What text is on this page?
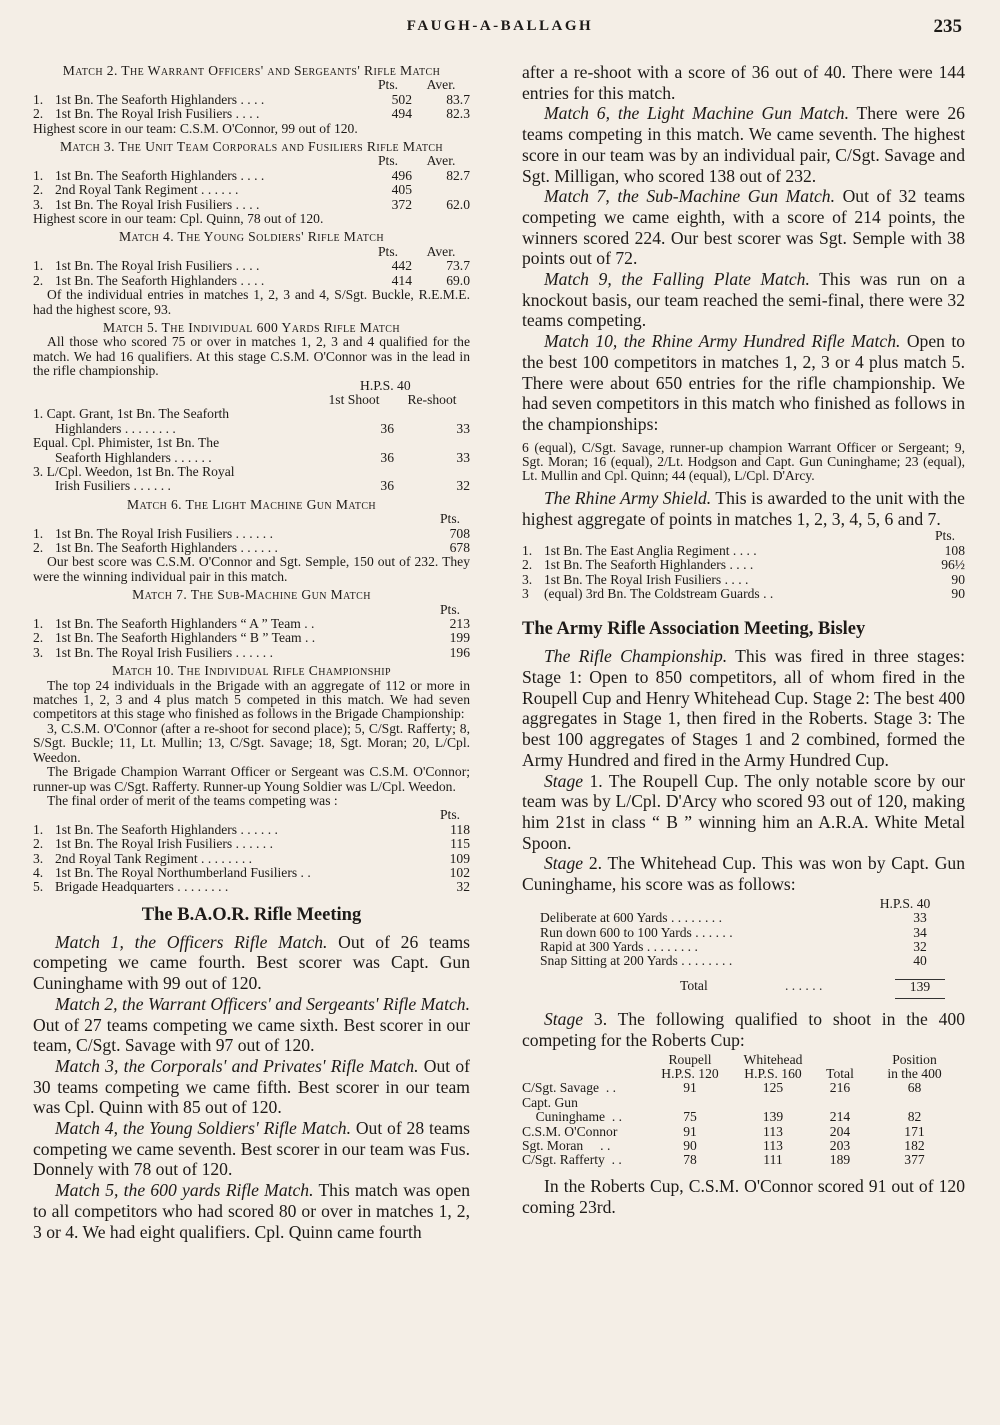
FAUGH-A-BALLAGH	235
Match 2. The Warrant Officers' and Sergeants' Rifle Match
Pts.	Aver.
1. 1st Bn. The Seaforth Highlanders . . . .	502	83.7
2. 1st Bn. The Royal Irish Fusiliers . . . .	494	82.3
Highest score in our team: C.S.M. O'Connor, 99 out of 120.
Match 3. The Unit Team Corporals and Fusiliers Rifle Match
Pts.	Aver.
1. 1st Bn. The Seaforth Highlanders . . . .	496	82.7
2. 2nd Royal Tank Regiment . . . . . .	405
3. 1st Bn. The Royal Irish Fusiliers . . . .	372	62.0
Highest score in our team: Cpl. Quinn, 78 out of 120.
Match 4. The Young Soldiers' Rifle Match
Pts.	Aver.
1. 1st Bn. The Royal Irish Fusiliers . . . .	442	73.7
2. 1st Bn. The Seaforth Highlanders . . . .	414	69.0

Of the individual entries in matches 1, 2, 3 and 4, S/Sgt. Buckle, R.E.M.E. had the highest score, 93.

Match 5. The Individual 600 Yards Rifle Match

All those who scored 75 or over in matches 1, 2, 3 and 4 qualified for the match. We had 16 qualifiers. At this stage C.S.M. O'Connor was in the lead in the rifle championship.

H.P.S. 40
1st Shoot	Re-shoot
1. Capt. Grant, 1st Bn. The Seaforth
Highlanders . . . . . . . .	36	33
Equal. Cpl. Phimister, 1st Bn. The
Seaforth Highlanders . . . . . .	36	33
3. L/Cpl. Weedon, 1st Bn. The Royal
Irish Fusiliers . . . . . .	36	32
Match 6. The Light Machine Gun Match
Pts.
1. 1st Bn. The Royal Irish Fusiliers . . . . . .	708
2. 1st Bn. The Seaforth Highlanders . . . . . .	678

Our best score was C.S.M. O'Connor and Sgt. Semple, 150 out of 232. They were the winning individual pair in this match.

Match 7. The Sub-Machine Gun Match
Pts.
1. 1st Bn. The Seaforth Highlanders “ A ” Team . .	213
2. 1st Bn. The Seaforth Highlanders “ B ” Team . .	199
3. 1st Bn. The Royal Irish Fusiliers . . . . . .	196
Match 10. The Individual Rifle Championship

The top 24 individuals in the Brigade with an aggregate of 112 or more in matches 1, 2, 3 and 4 plus match 5 competed in this match. We had seven competitors at this stage who finished as follows in the Brigade Championship:

3, C.S.M. O'Connor (after a re-shoot for second place); 5, C/Sgt. Rafferty; 8, S/Sgt. Buckle; 11, Lt. Mullin; 13, C/Sgt. Savage; 18, Sgt. Moran; 20, L/Cpl. Weedon.

The Brigade Champion Warrant Officer or Sergeant was C.S.M. O'Connor; runner-up was C/Sgt. Rafferty. Runner-up Young Soldier was L/Cpl. Weedon.

The final order of merit of the teams competing was :

Pts.
1. 1st Bn. The Seaforth Highlanders . . . . . .	118
2. 1st Bn. The Royal Irish Fusiliers . . . . . .	115
3. 2nd Royal Tank Regiment . . . . . . . .	109
4. 1st Bn. The Royal Northumberland Fusiliers . .	102
5. Brigade Headquarters . . . . . . . .	32
The B.A.O.R. Rifle Meeting

Match 1, the Officers Rifle Match. Out of 26 teams competing we came fourth. Best scorer was Capt. Gun Cuninghame with 99 out of 120.

Match 2, the Warrant Officers' and Sergeants' Rifle Match. Out of 27 teams competing we came sixth. Best scorer in our team, C/Sgt. Savage with 97 out of 120.

Match 3, the Corporals' and Privates' Rifle Match. Out of 30 teams competing we came fifth. Best scorer in our team was Cpl. Quinn with 85 out of 120.

Match 4, the Young Soldiers' Rifle Match. Out of 28 teams competing we came seventh. Best scorer in our team was Fus. Donnely with 78 out of 120.

Match 5, the 600 yards Rifle Match. This match was open to all competitors who had scored 80 or over in matches 1, 2, 3 or 4. We had eight qualifiers. Cpl. Quinn came fourth

after a re-shoot with a score of 36 out of 40. There were 144 entries for this match.

Match 6, the Light Machine Gun Match. There were 26 teams competing in this match. We came seventh. The highest score in our team was by an individual pair, C/Sgt. Savage and Sgt. Milligan, who scored 138 out of 232.

Match 7, the Sub-Machine Gun Match. Out of 32 teams competing we came eighth, with a score of 214 points, the winners scored 224. Our best scorer was Sgt. Semple with 38 points out of 72.

Match 9, the Falling Plate Match. This was run on a knockout basis, our team reached the semi-final, there were 32 teams competing.

Match 10, the Rhine Army Hundred Rifle Match. Open to the best 100 competitors in matches 1, 2, 3 or 4 plus match 5. There were about 650 entries for the rifle championship. We had seven competitors in this match who finished as follows in the championships:

6 (equal), C/Sgt. Savage, runner-up champion Warrant Officer or Sergeant; 9, Sgt. Moran; 16 (equal), 2/Lt. Hodgson and Capt. Gun Cuninghame; 23 (equal), Lt. Mullin and Cpl. Quinn; 44 (equal), L/Cpl. D'Arcy.

The Rhine Army Shield. This is awarded to the unit with the highest aggregate of points in matches 1, 2, 3, 4, 5, 6 and 7.

Pts.
1. 1st Bn. The East Anglia Regiment . . . .	108
2. 1st Bn. The Seaforth Highlanders . . . .	96½
3. 1st Bn. The Royal Irish Fusiliers . . . .	90
3	(equal) 3rd Bn. The Coldstream Guards . .	90
The Army Rifle Association Meeting, Bisley

The Rifle Championship. This was fired in three stages: Stage 1: Open to 850 competitors, all of whom fired in the Roupell Cup and Henry Whitehead Cup. Stage 2: The best 400 aggregates in Stage 1, then fired in the Roberts. Stage 3: The best 100 aggregates of Stages 1 and 2 combined, formed the Army Hundred and fired in the Army Hundred Cup.

Stage 1. The Roupell Cup. The only notable score by our team was by L/Cpl. D'Arcy who scored 93 out of 120, making him 21st in class “ B ” winning him an A.R.A. White Metal Spoon.

Stage 2. The Whitehead Cup. This was won by Capt. Gun Cuninghame, his score was as follows:

H.P.S. 40
Deliberate at 600 Yards . . . . . . . .	33
Run down 600 to 100 Yards . . . . . .	34
Rapid at 300 Yards . . . . . . . .	32
Snap Sitting at 200 Yards . . . . . . . .	40
Total	. . . . . .	139

Stage 3. The following qualified to shoot in the 400 competing for the Roberts Cup:

	Roupell	Whitehead		Position
	H.P.S. 120	H.P.S. 160	Total	in the 400
C/Sgt. Savage  . .	91	125	216	68
Capt. Gun				
Cuninghame  . .	75	139	214	82
C.S.M. O'Connor	91	113	204	171
Sgt. Moran     . .	90	113	203	182
C/Sgt. Rafferty  . .	78	111	189	377

In the Roberts Cup, C.S.M. O'Connor scored 91 out of 120 coming 23rd.
